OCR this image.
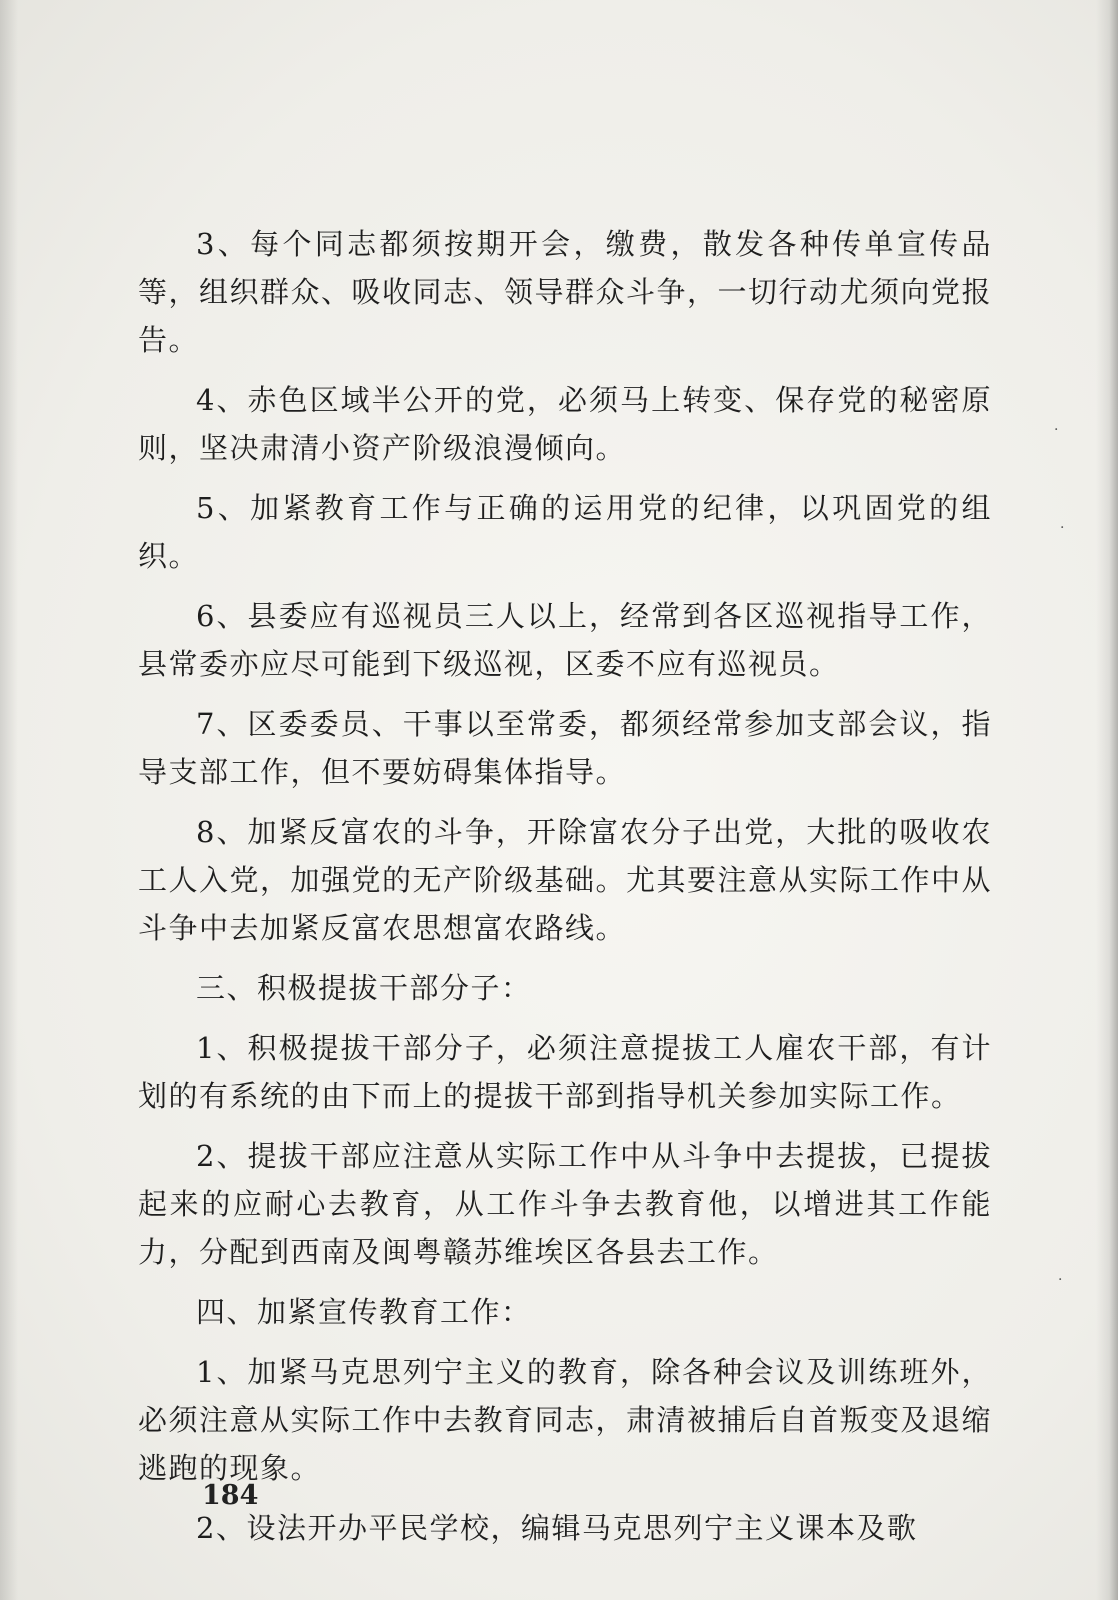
3、每个同志都须按期开会，缴费，散发各种传单宣传品等，组织群众、吸收同志、领导群众斗争，一切行动尤须向党报告。

4、赤色区域半公开的党，必须马上转变、保存党的秘密原则，坚决肃清小资产阶级浪漫倾向。

5、加紧教育工作与正确的运用党的纪律，以巩固党的组织。

6、县委应有巡视员三人以上，经常到各区巡视指导工作，县常委亦应尽可能到下级巡视，区委不应有巡视员。

7、区委委员、干事以至常委，都须经常参加支部会议，指导支部工作，但不要妨碍集体指导。

8、加紧反富农的斗争，开除富农分子出党，大批的吸收农工人入党，加强党的无产阶级基础。尤其要注意从实际工作中从斗争中去加紧反富农思想富农路线。

三、积极提拔干部分子：

1、积极提拔干部分子，必须注意提拔工人雇农干部，有计划的有系统的由下而上的提拔干部到指导机关参加实际工作。

2、提拔干部应注意从实际工作中从斗争中去提拔，已提拔起来的应耐心去教育，从工作斗争去教育他，以增进其工作能力，分配到西南及闽粤赣苏维埃区各县去工作。

四、加紧宣传教育工作：

1、加紧马克思列宁主义的教育，除各种会议及训练班外，必须注意从实际工作中去教育同志，肃清被捕后自首叛变及退缩逃跑的现象。

2、设法开办平民学校，编辑马克思列宁主义课本及歌

184
·
·
·
